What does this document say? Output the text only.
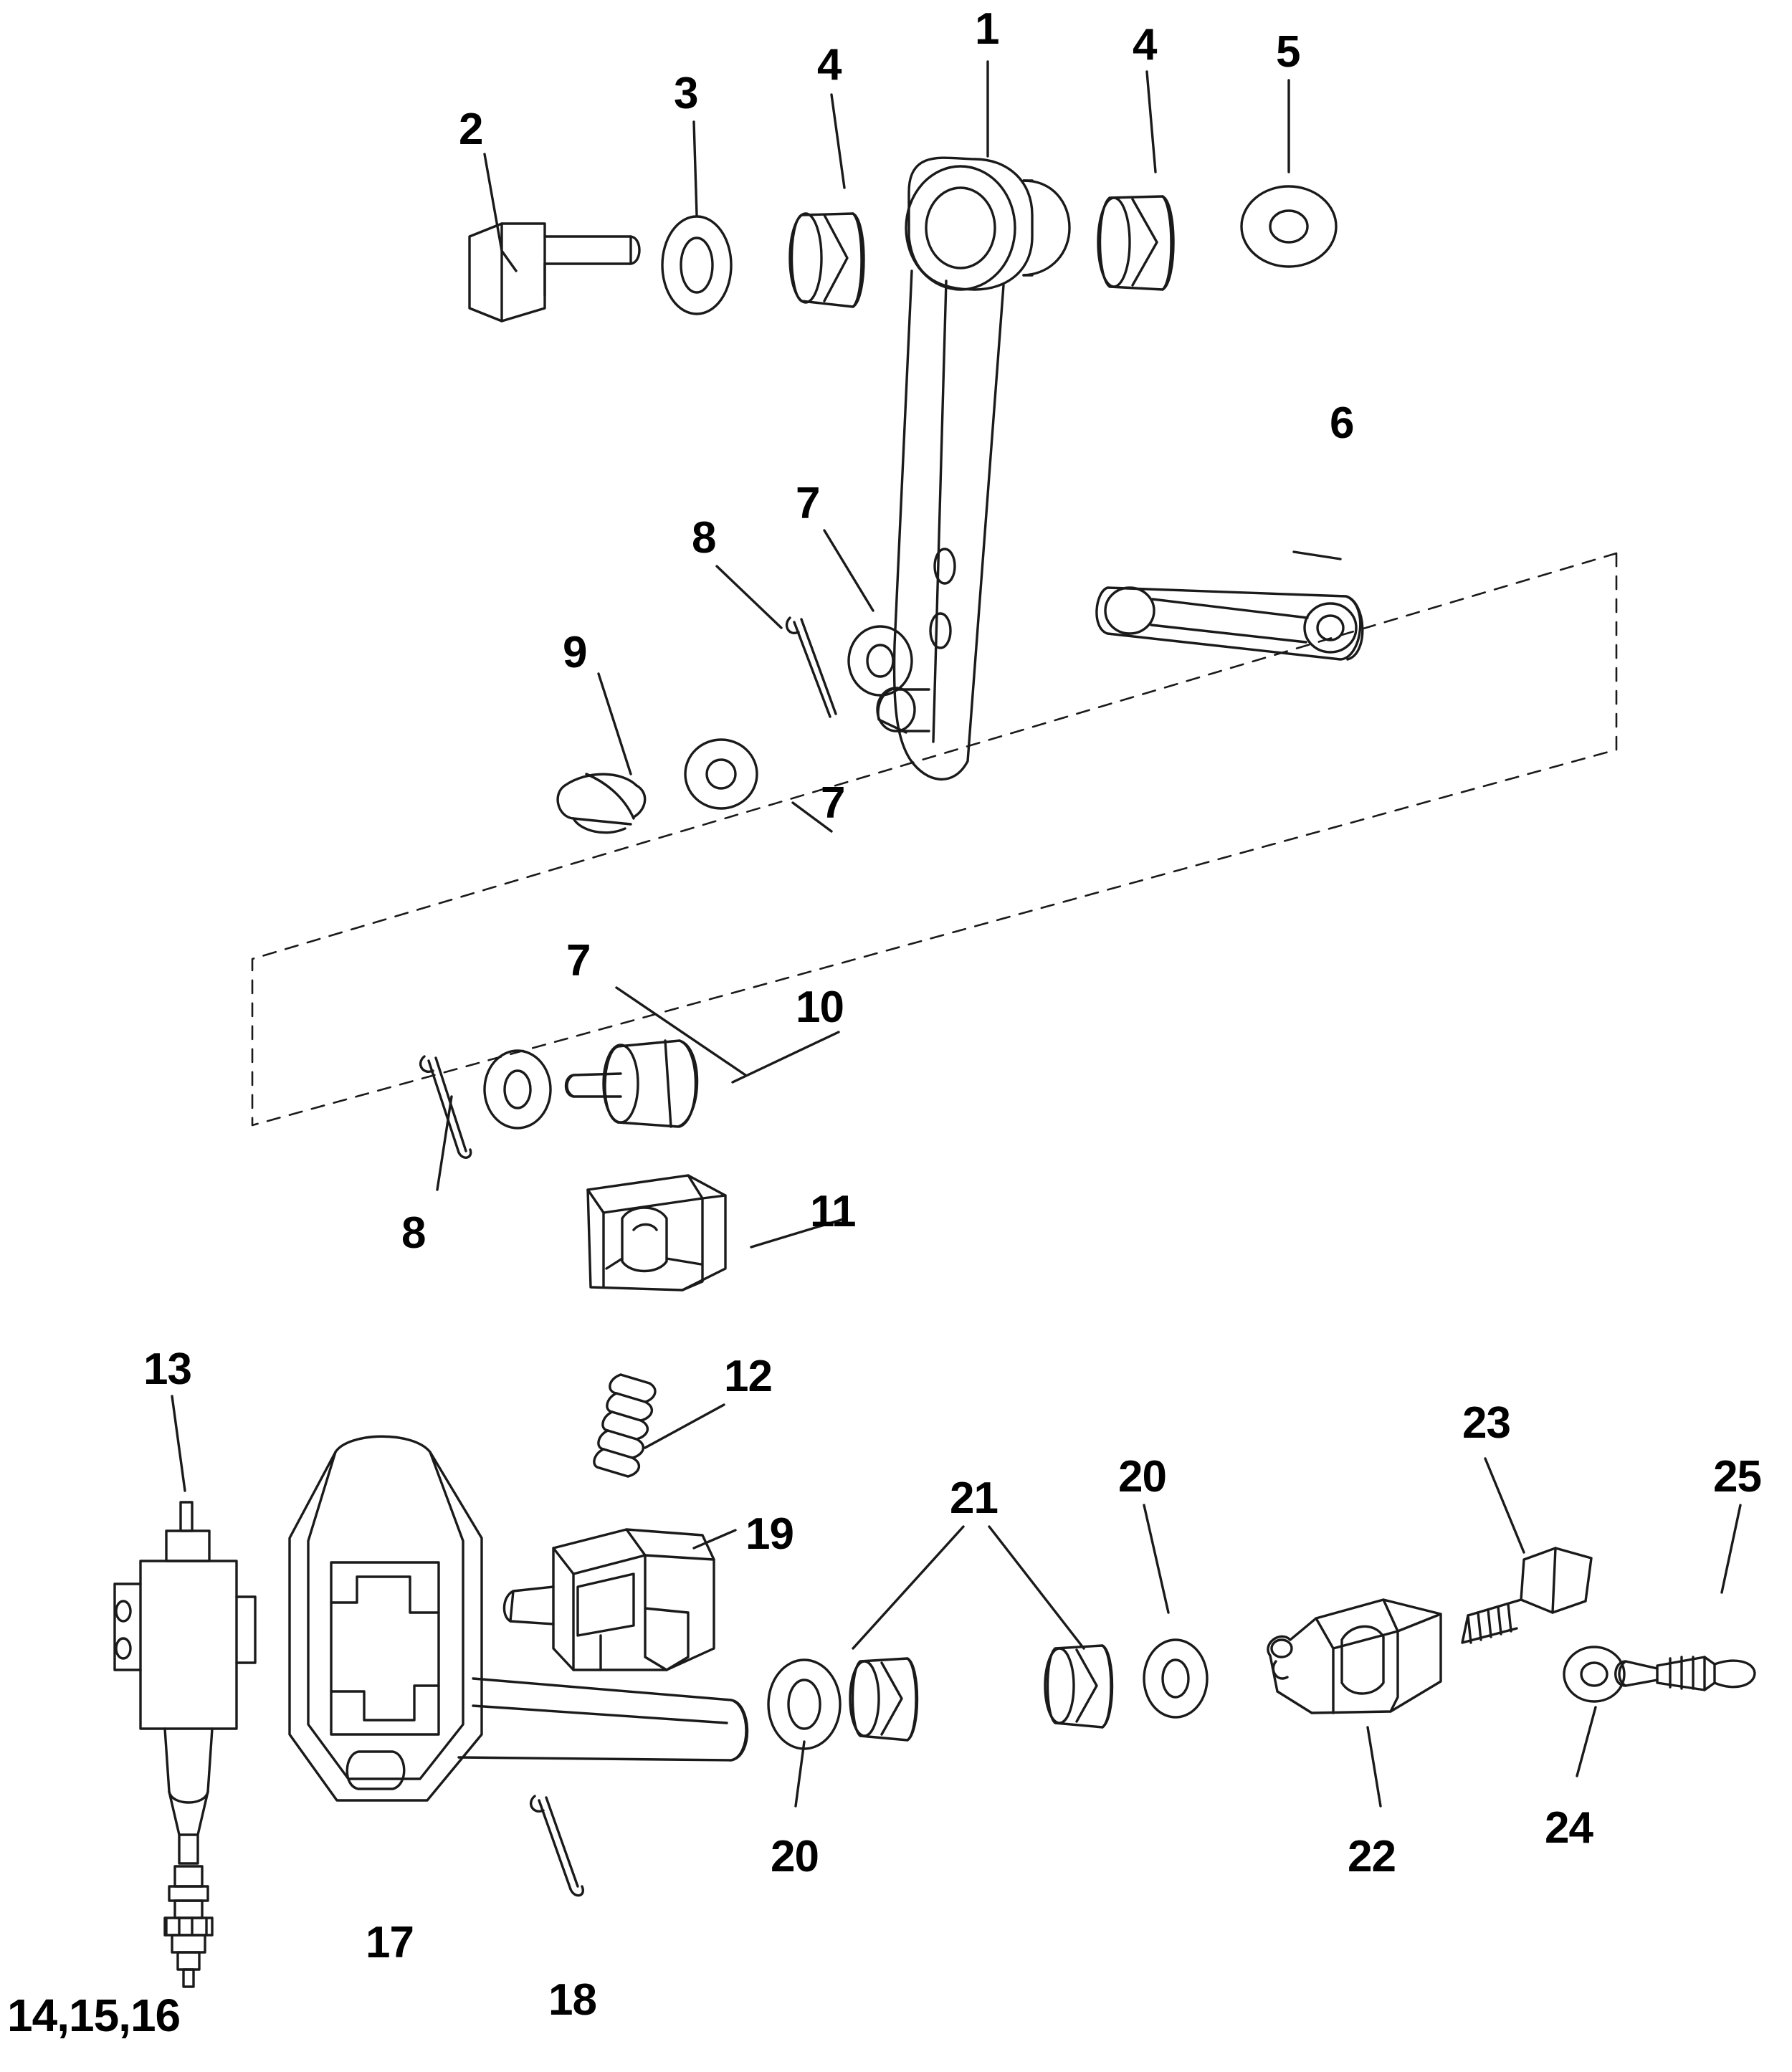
2
3
4
1	4	5
6
7
8
9
7
7
10
8	11
13	12
19
21	20
23
25
17
18
20	22
24
14,15,16
